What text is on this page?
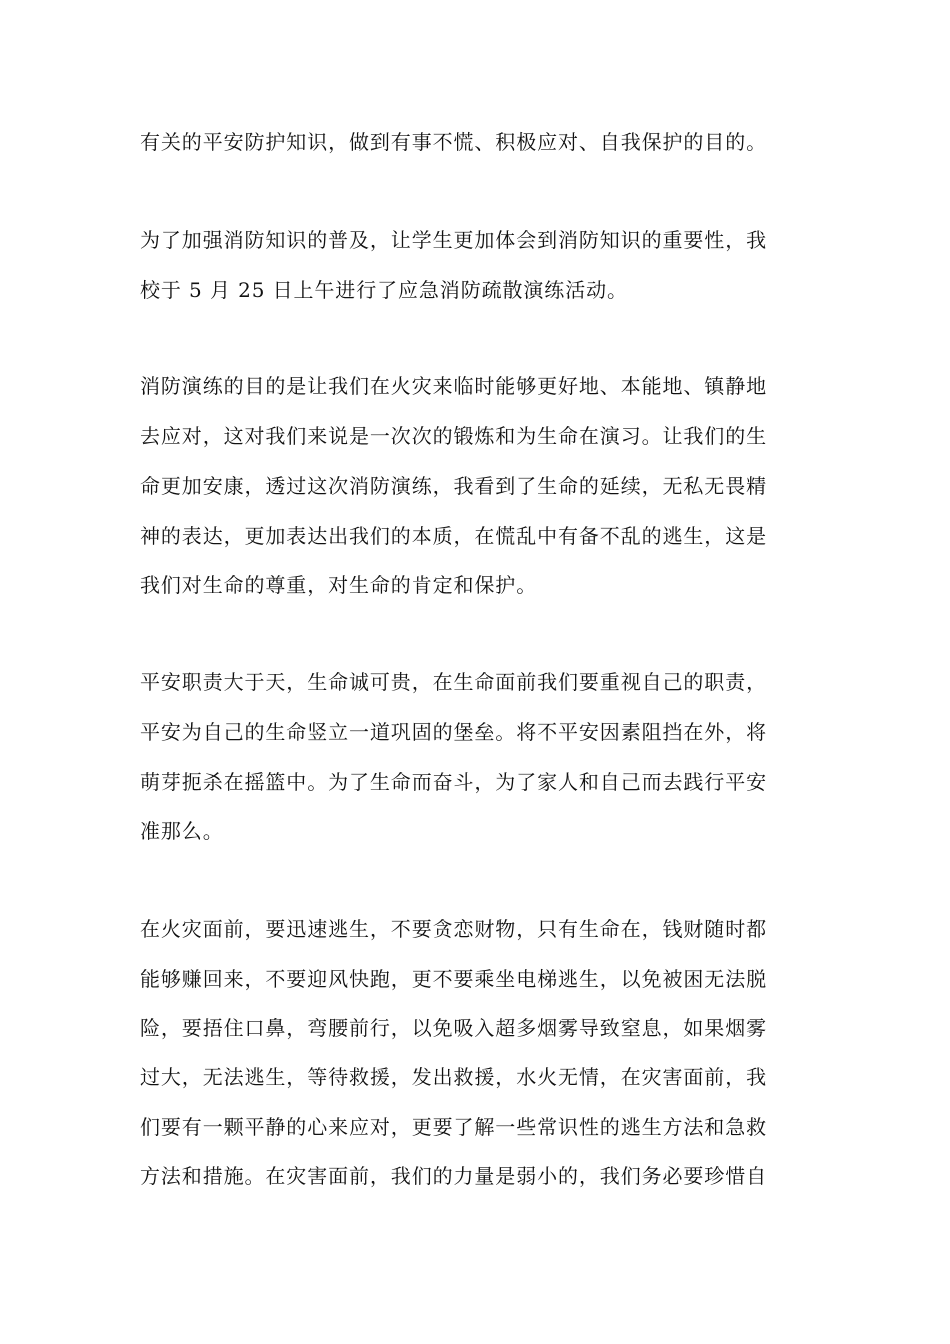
有关的平安防护知识，做到有事不慌、积极应对、自我保护的目的。

为了加强消防知识的普及，让学生更加体会到消防知识的重要性，我

校于 5 月 25 日上午进行了应急消防疏散演练活动。

消防演练的目的是让我们在火灾来临时能够更好地、本能地、镇静地

去应对，这对我们来说是一次次的锻炼和为生命在演习。让我们的生

命更加安康，透过这次消防演练，我看到了生命的延续，无私无畏精

神的表达，更加表达出我们的本质，在慌乱中有备不乱的逃生，这是

我们对生命的尊重，对生命的肯定和保护。

平安职责大于天，生命诚可贵，在生命面前我们要重视自己的职责，

平安为自己的生命竖立一道巩固的堡垒。将不平安因素阻挡在外，将

萌芽扼杀在摇篮中。为了生命而奋斗，为了家人和自己而去践行平安

准那么。

在火灾面前，要迅速逃生，不要贪恋财物，只有生命在，钱财随时都

能够赚回来，不要迎风快跑，更不要乘坐电梯逃生，以免被困无法脱

险，要捂住口鼻，弯腰前行，以免吸入超多烟雾导致窒息，如果烟雾

过大，无法逃生，等待救援，发出救援，水火无情，在灾害面前，我

们要有一颗平静的心来应对，更要了解一些常识性的逃生方法和急救

方法和措施。在灾害面前，我们的力量是弱小的，我们务必要珍惜自
